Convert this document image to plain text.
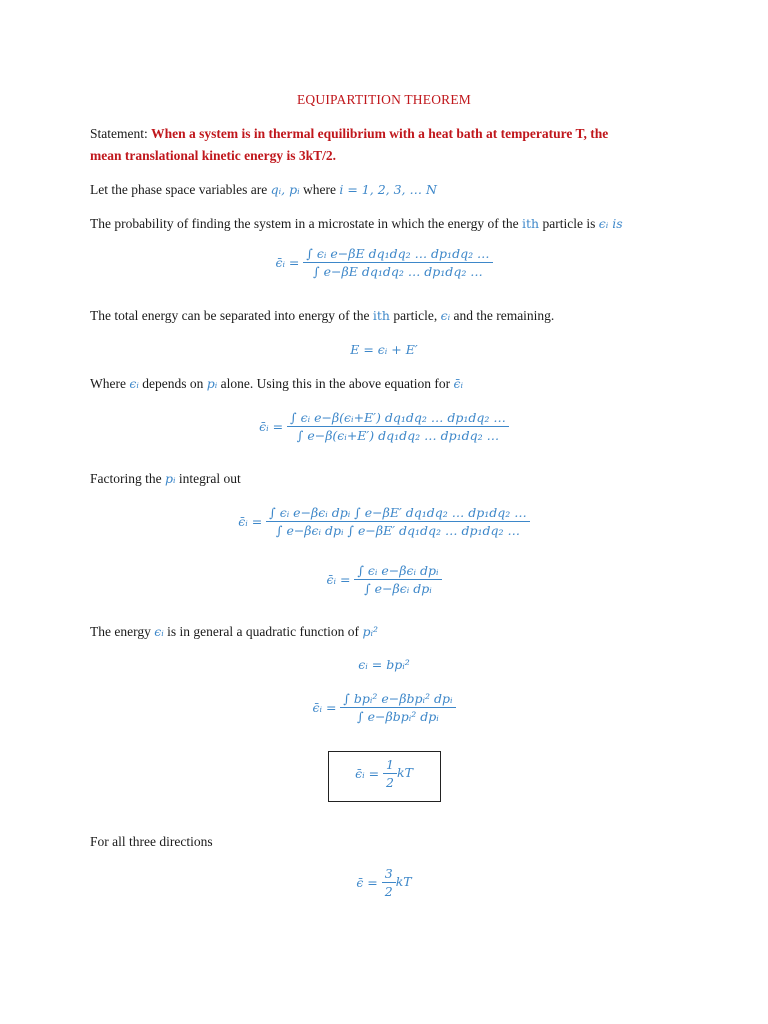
EQUIPARTITION THEOREM
Statement: When a system is in thermal equilibrium with a heat bath at temperature T, the
mean translational kinetic energy is 3kT/2.
Let the phase space variables are qᵢ, pᵢ where i = 1, 2, 3, … N
The probability of finding the system in a microstate in which the energy of the ith particle is ϵᵢ is
ϵ̄ᵢ = $\frac{\text{∫ ϵᵢ e−βE dq₁dq₂ … dp₁dq₂ …}}{\text{∫ e−βE dq₁dq₂ … dp₁dq₂ …}}$
The total energy can be separated into energy of the ith particle, ϵᵢ and the remaining.
E = ϵᵢ + E′
Where ϵᵢ depends on pᵢ alone. Using this in the above equation for ϵ̄ᵢ
ϵ̄ᵢ = $\frac{\text{∫ ϵᵢ e−β(ϵᵢ+E′) dq₁dq₂ … dp₁dq₂ …}}{\text{∫ e−β(ϵᵢ+E′) dq₁dq₂ … dp₁dq₂ …}}$
Factoring the pᵢ integral out
ϵ̄ᵢ = $\frac{\text{∫ ϵᵢ e−βϵᵢ dpᵢ ∫ e−βE′ dq₁dq₂ … dp₁dq₂ …}}{\text{∫ e−βϵᵢ dpᵢ ∫ e−βE′ dq₁dq₂ … dp₁dq₂ …}}$
ϵ̄ᵢ = $\frac{\text{∫ ϵᵢ e−βϵᵢ dpᵢ}}{\text{∫ e−βϵᵢ dpᵢ}}$
The energy ϵᵢ is in general a quadratic function of pᵢ²
ϵᵢ = bpᵢ²
ϵ̄ᵢ = $\frac{\text{∫ bpᵢ² e−βbpᵢ² dpᵢ}}{\text{∫ e−βbpᵢ² dpᵢ}}$
ϵ̄ᵢ = $\frac{1}{2}$ kT
For all three directions
ϵ̄ = $\frac{3}{2}$ kT
